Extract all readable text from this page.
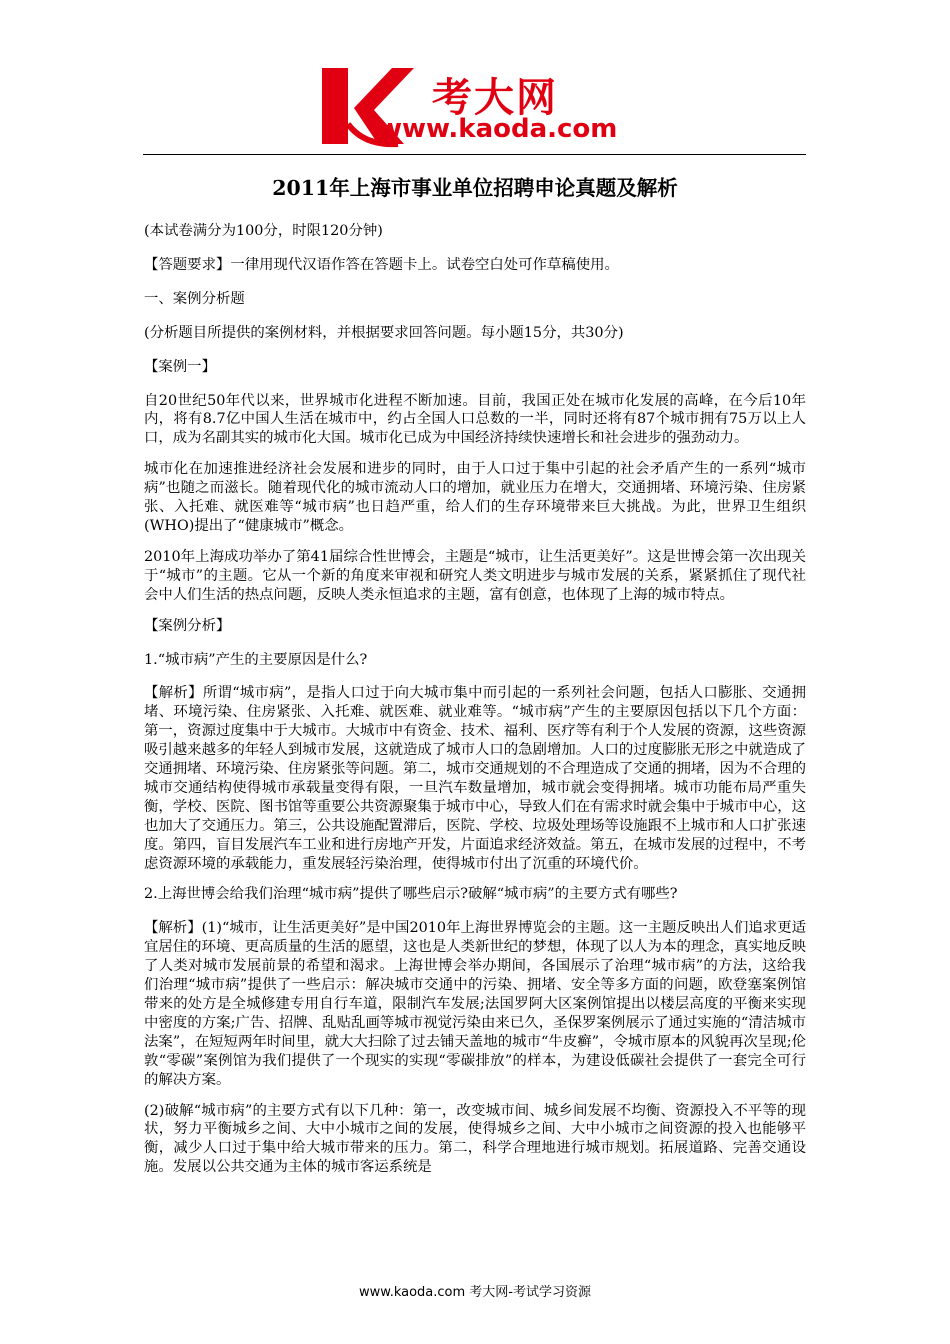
考大网
www.kaoda.com
2011年上海市事业单位招聘申论真题及解析

(本试卷满分为100分，时限120分钟)

【答题要求】一律用现代汉语作答在答题卡上。试卷空白处可作草稿使用。

一、案例分析题

(分析题目所提供的案例材料，并根据要求回答问题。每小题15分，共30分)

【案例一】

自20世纪50年代以来，世界城市化进程不断加速。目前，我国正处在城市化发展的高峰，在今后10年内，将有8.7亿中国人生活在城市中，约占全国人口总数的一半，同时还将有87个城市拥有75万以上人口，成为名副其实的城市化大国。城市化已成为中国经济持续快速增长和社会进步的强劲动力。

城市化在加速推进经济社会发展和进步的同时，由于人口过于集中引起的社会矛盾产生的一系列“城市病”也随之而滋长。随着现代化的城市流动人口的增加，就业压力在增大，交通拥堵、环境污染、住房紧张、入托难、就医难等“城市病”也日趋严重，给人们的生存环境带来巨大挑战。为此，世界卫生组织(WHO)提出了“健康城市”概念。

2010年上海成功举办了第41届综合性世博会，主题是“城市，让生活更美好”。这是世博会第一次出现关于“城市”的主题。它从一个新的角度来审视和研究人类文明进步与城市发展的关系，紧紧抓住了现代社会中人们生活的热点问题，反映人类永恒追求的主题，富有创意，也体现了上海的城市特点。

【案例分析】

1.“城市病”产生的主要原因是什么?

【解析】所谓“城市病”，是指人口过于向大城市集中而引起的一系列社会问题，包括人口膨胀、交通拥堵、环境污染、住房紧张、入托难、就医难、就业难等。“城市病”产生的主要原因包括以下几个方面：第一，资源过度集中于大城市。大城市中有资金、技术、福利、医疗等有利于个人发展的资源，这些资源吸引越来越多的年轻人到城市发展，这就造成了城市人口的急剧增加。人口的过度膨胀无形之中就造成了交通拥堵、环境污染、住房紧张等问题。第二，城市交通规划的不合理造成了交通的拥堵，因为不合理的城市交通结构使得城市承载量变得有限，一旦汽车数量增加，城市就会变得拥堵。城市功能布局严重失衡，学校、医院、图书馆等重要公共资源聚集于城市中心，导致人们在有需求时就会集中于城市中心，这也加大了交通压力。第三，公共设施配置滞后，医院、学校、垃圾处理场等设施跟不上城市和人口扩张速度。第四，盲目发展汽车工业和进行房地产开发，片面追求经济效益。第五，在城市发展的过程中，不考虑资源环境的承载能力，重发展轻污染治理，使得城市付出了沉重的环境代价。

2.上海世博会给我们治理“城市病”提供了哪些启示?破解“城市病”的主要方式有哪些?

【解析】(1)“城市，让生活更美好”是中国2010年上海世界博览会的主题。这一主题反映出人们追求更适宜居住的环境、更高质量的生活的愿望，这也是人类新世纪的梦想，体现了以人为本的理念，真实地反映了人类对城市发展前景的希望和渴求。上海世博会举办期间，各国展示了治理“城市病”的方法，这给我们治理“城市病”提供了一些启示：解决城市交通中的污染、拥堵、安全等多方面的问题，欧登塞案例馆带来的处方是全城修建专用自行车道，限制汽车发展;法国罗阿大区案例馆提出以楼层高度的平衡来实现中密度的方案;广告、招牌、乱贴乱画等城市视觉污染由来已久，圣保罗案例展示了通过实施的“清洁城市法案”，在短短两年时间里，就大大扫除了过去铺天盖地的城市“牛皮癣”，令城市原本的风貌再次呈现;伦敦“零碳”案例馆为我们提供了一个现实的实现“零碳排放”的样本，为建设低碳社会提供了一套完全可行的解决方案。

(2)破解“城市病”的主要方式有以下几种：第一，改变城市间、城乡间发展不均衡、资源投入不平等的现状，努力平衡城乡之间、大中小城市之间的发展，使得城乡之间、大中小城市之间资源的投入也能够平衡，减少人口过于集中给大城市带来的压力。第二，科学合理地进行城市规划。拓展道路、完善交通设施。发展以公共交通为主体的城市客运系统是

www.kaoda.com 考大网-考试学习资源
